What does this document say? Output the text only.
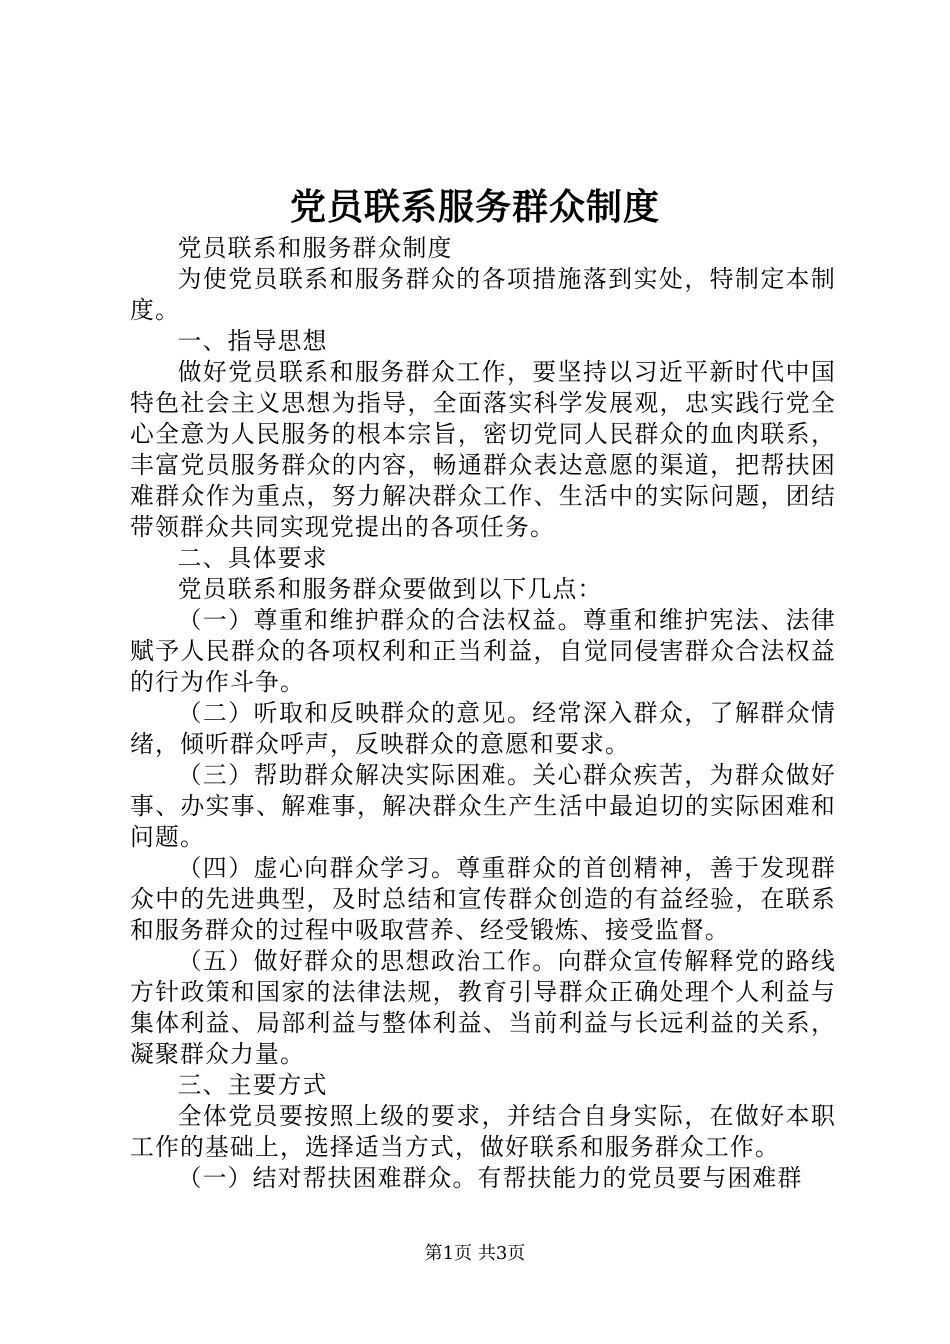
党员联系服务群众制度

党员联系和服务群众制度

为使党员联系和服务群众的各项措施落到实处，特制定本制度。

一、指导思想

做好党员联系和服务群众工作，要坚持以习近平新时代中国特色社会主义思想为指导，全面落实科学发展观，忠实践行党全心全意为人民服务的根本宗旨，密切党同人民群众的血肉联系，丰富党员服务群众的内容，畅通群众表达意愿的渠道，把帮扶困难群众作为重点，努力解决群众工作、生活中的实际问题，团结带领群众共同实现党提出的各项任务。

二、具体要求

党员联系和服务群众要做到以下几点：

（一）尊重和维护群众的合法权益。尊重和维护宪法、法律赋予人民群众的各项权利和正当利益，自觉同侵害群众合法权益的行为作斗争。

（二）听取和反映群众的意见。经常深入群众，了解群众情绪，倾听群众呼声，反映群众的意愿和要求。

（三）帮助群众解决实际困难。关心群众疾苦，为群众做好事、办实事、解难事，解决群众生产生活中最迫切的实际困难和问题。

（四）虚心向群众学习。尊重群众的首创精神，善于发现群众中的先进典型，及时总结和宣传群众创造的有益经验，在联系和服务群众的过程中吸取营养、经受锻炼、接受监督。

（五）做好群众的思想政治工作。向群众宣传解释党的路线方针政策和国家的法律法规，教育引导群众正确处理个人利益与集体利益、局部利益与整体利益、当前利益与长远利益的关系，凝聚群众力量。

三、主要方式

全体党员要按照上级的要求，并结合自身实际，在做好本职工作的基础上，选择适当方式，做好联系和服务群众工作。

（一）结对帮扶困难群众。有帮扶能力的党员要与困难群

第1页 共3页
